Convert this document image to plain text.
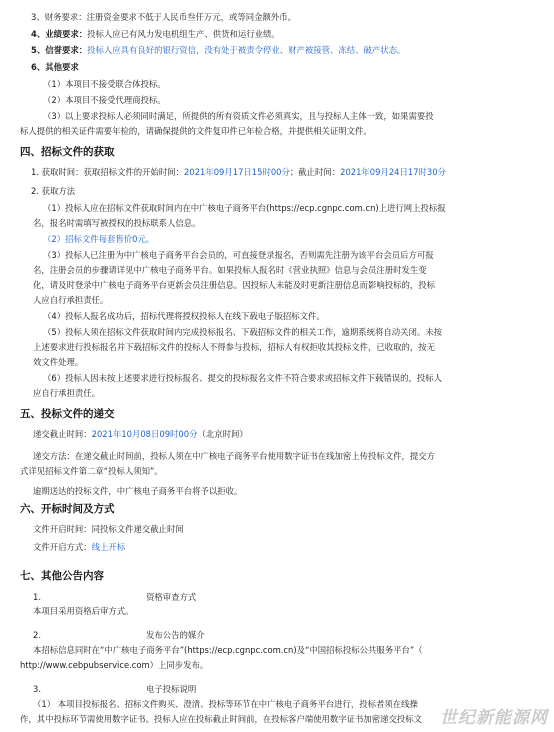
3、财务要求：注册资金要求不低于人民币叁仟万元，或等同金额外币。
4、业绩要求：投标人应已有风力发电机组生产、供货和运行业绩。
5、信誉要求：投标人应具有良好的银行资信，没有处于被责令停业、财产被接管、冻结、破产状态。
6、其他要求
（1）本项目不接受联合体投标。
（2）本项目不接受代理商投标。
（3）以上要求投标人必须同时满足，所提供的所有资质文件必须真实，且与投标人主体一致，如果需要投
标人提供的相关证件需要年检的，请确保提供的文件复印件已年检合格，并提供相关证明文件。
四、招标文件的获取
1. 获取时间：获取招标文件的开始时间：2021年09月17日15时00分；截止时间：2021年09月24日17时30分
2. 获取方法
（1）投标人应在招标文件获取时间内在中广核电子商务平台(https://ecp.cgnpc.com.cn)上进行网上投标报
名，报名时需填写被授权的投标联系人信息。
（2）招标文件每套售价0元。
（3）投标人已注册为中广核电子商务平台会员的，可直接登录报名，否则需先注册为该平台会员后方可报
名，注册会员的步骤请详见中广核电子商务平台。如果投标人报名时《营业执照》信息与会员注册时发生变
化，请及时登录中广核电子商务平台更新会员注册信息。因投标人未能及时更新注册信息而影响投标的，投标
人应自行承担责任。
（4）投标人报名成功后，招标代理将授权投标人在线下载电子版招标文件。
（5）投标人须在招标文件获取时间内完成投标报名、下载招标文件的相关工作，逾期系统将自动关闭。未按
上述要求进行投标报名并下载招标文件的投标人不得参与投标，招标人有权拒收其投标文件，已收取的，按无
效文件处理。
（6）投标人因未按上述要求进行投标报名、提交的投标报名文件不符合要求或招标文件下载错误的，投标人
应自行承担责任。
五、投标文件的递交
递交截止时间：2021年10月08日09时00分（北京时间）
递交方法：在递交截止时间前，投标人须在中广核电子商务平台使用数字证书在线加密上传投标文件，提交方
式详见招标文件第二章“投标人须知”。
逾期送达的投标文件，中广核电子商务平台将予以拒收。
六、开标时间及方式
文件开启时间：同投标文件递交截止时间
文件开启方式：线上开标
七、其他公告内容
1.	资格审查方式
本项目采用资格后审方式。
2.	发布公告的媒介
本招标信息同时在“中广核电子商务平台”(https://ecp.cgnpc.com.cn)及“中国招标投标公共服务平台”（
http://www.cebpubservice.com）上同步发布。
3.	电子投标说明
（1） 本项目投标报名、招标文件购买、澄清、投标等环节在中广核电子商务平台进行，投标者须在线操
作，其中投标环节需使用数字证书。投标人应在投标截止时间前，在投标客户端使用数字证书加密递交投标文 世纪新能源网
